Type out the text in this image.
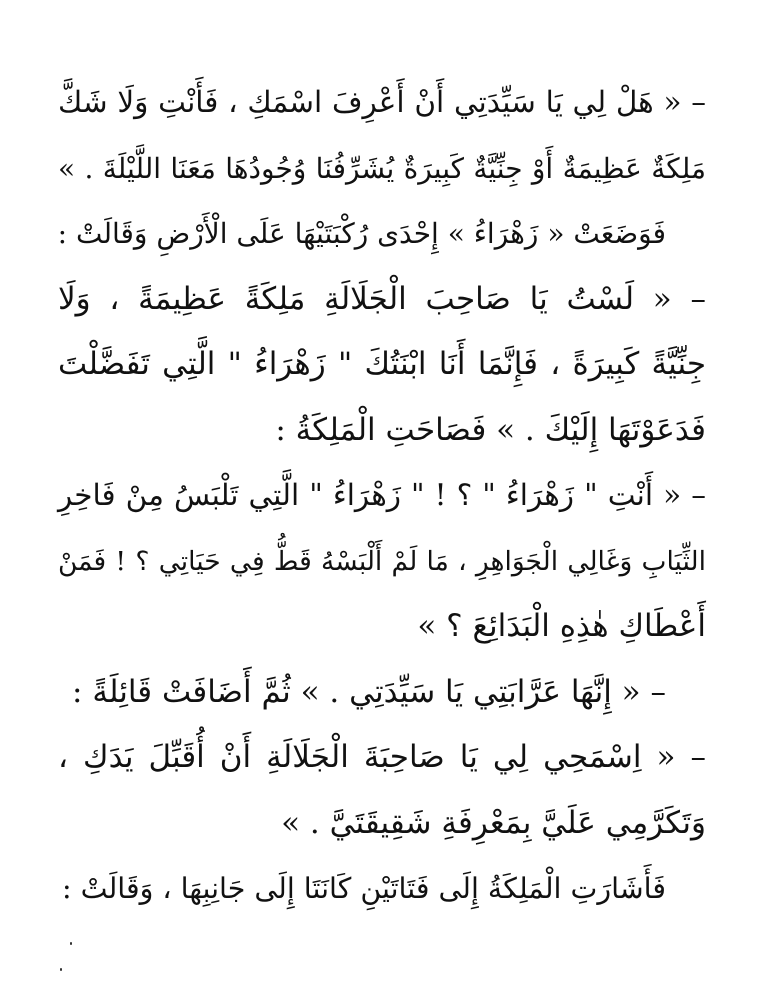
– « هَلْ لِي يَا سَيِّدَتِي أَنْ أَعْرِفَ اسْمَكِ ، فَأَنْتِ وَلَا شَكَّ
مَلِكَةٌ عَظِيمَةٌ أَوْ جِنِّيَّةٌ كَبِيرَةٌ يُشَرِّفُنَا وُجُودُهَا مَعَنَا اللَّيْلَةَ . »
فَوَضَعَتْ « زَهْرَاءُ » إِحْدَى رُكْبَتَيْهَا عَلَى الْأَرْضِ وَقَالَتْ :
– « لَسْتُ يَا صَاحِبَ الْجَلَالَةِ مَلِكَةً عَظِيمَةً ، وَلَا
جِنِّيَّةً كَبِيرَةً ، فَإِنَّمَا أَنَا ابْنَتُكَ " زَهْرَاءُ " الَّتِي تَفَضَّلْتَ
فَدَعَوْتَهَا إِلَيْكَ . » فَصَاحَتِ الْمَلِكَةُ :
– « أَنْتِ " زَهْرَاءُ " ؟ ! " زَهْرَاءُ " الَّتِي تَلْبَسُ مِنْ فَاخِرِ
الثِّيَابِ وَغَالِي الْجَوَاهِرِ ، مَا لَمْ أَلْبَسْهُ قَطُّ فِي حَيَاتِي ؟ ! فَمَنْ
أَعْطَاكِ هٰذِهِ الْبَدَائِعَ ؟ »
– « إِنَّهَا عَرَّابَتِي يَا سَيِّدَتِي . » ثُمَّ أَضَافَتْ قَائِلَةً :
– « اِسْمَحِي لِي يَا صَاحِبَةَ الْجَلَالَةِ أَنْ أُقَبِّلَ يَدَكِ ،
وَتَكَرَّمِي عَلَيَّ بِمَعْرِفَةِ شَقِيقَتَيَّ . »
فَأَشَارَتِ الْمَلِكَةُ إِلَى فَتَاتَيْنِ كَانَتَا إِلَى جَانِبِهَا ، وَقَالَتْ :
